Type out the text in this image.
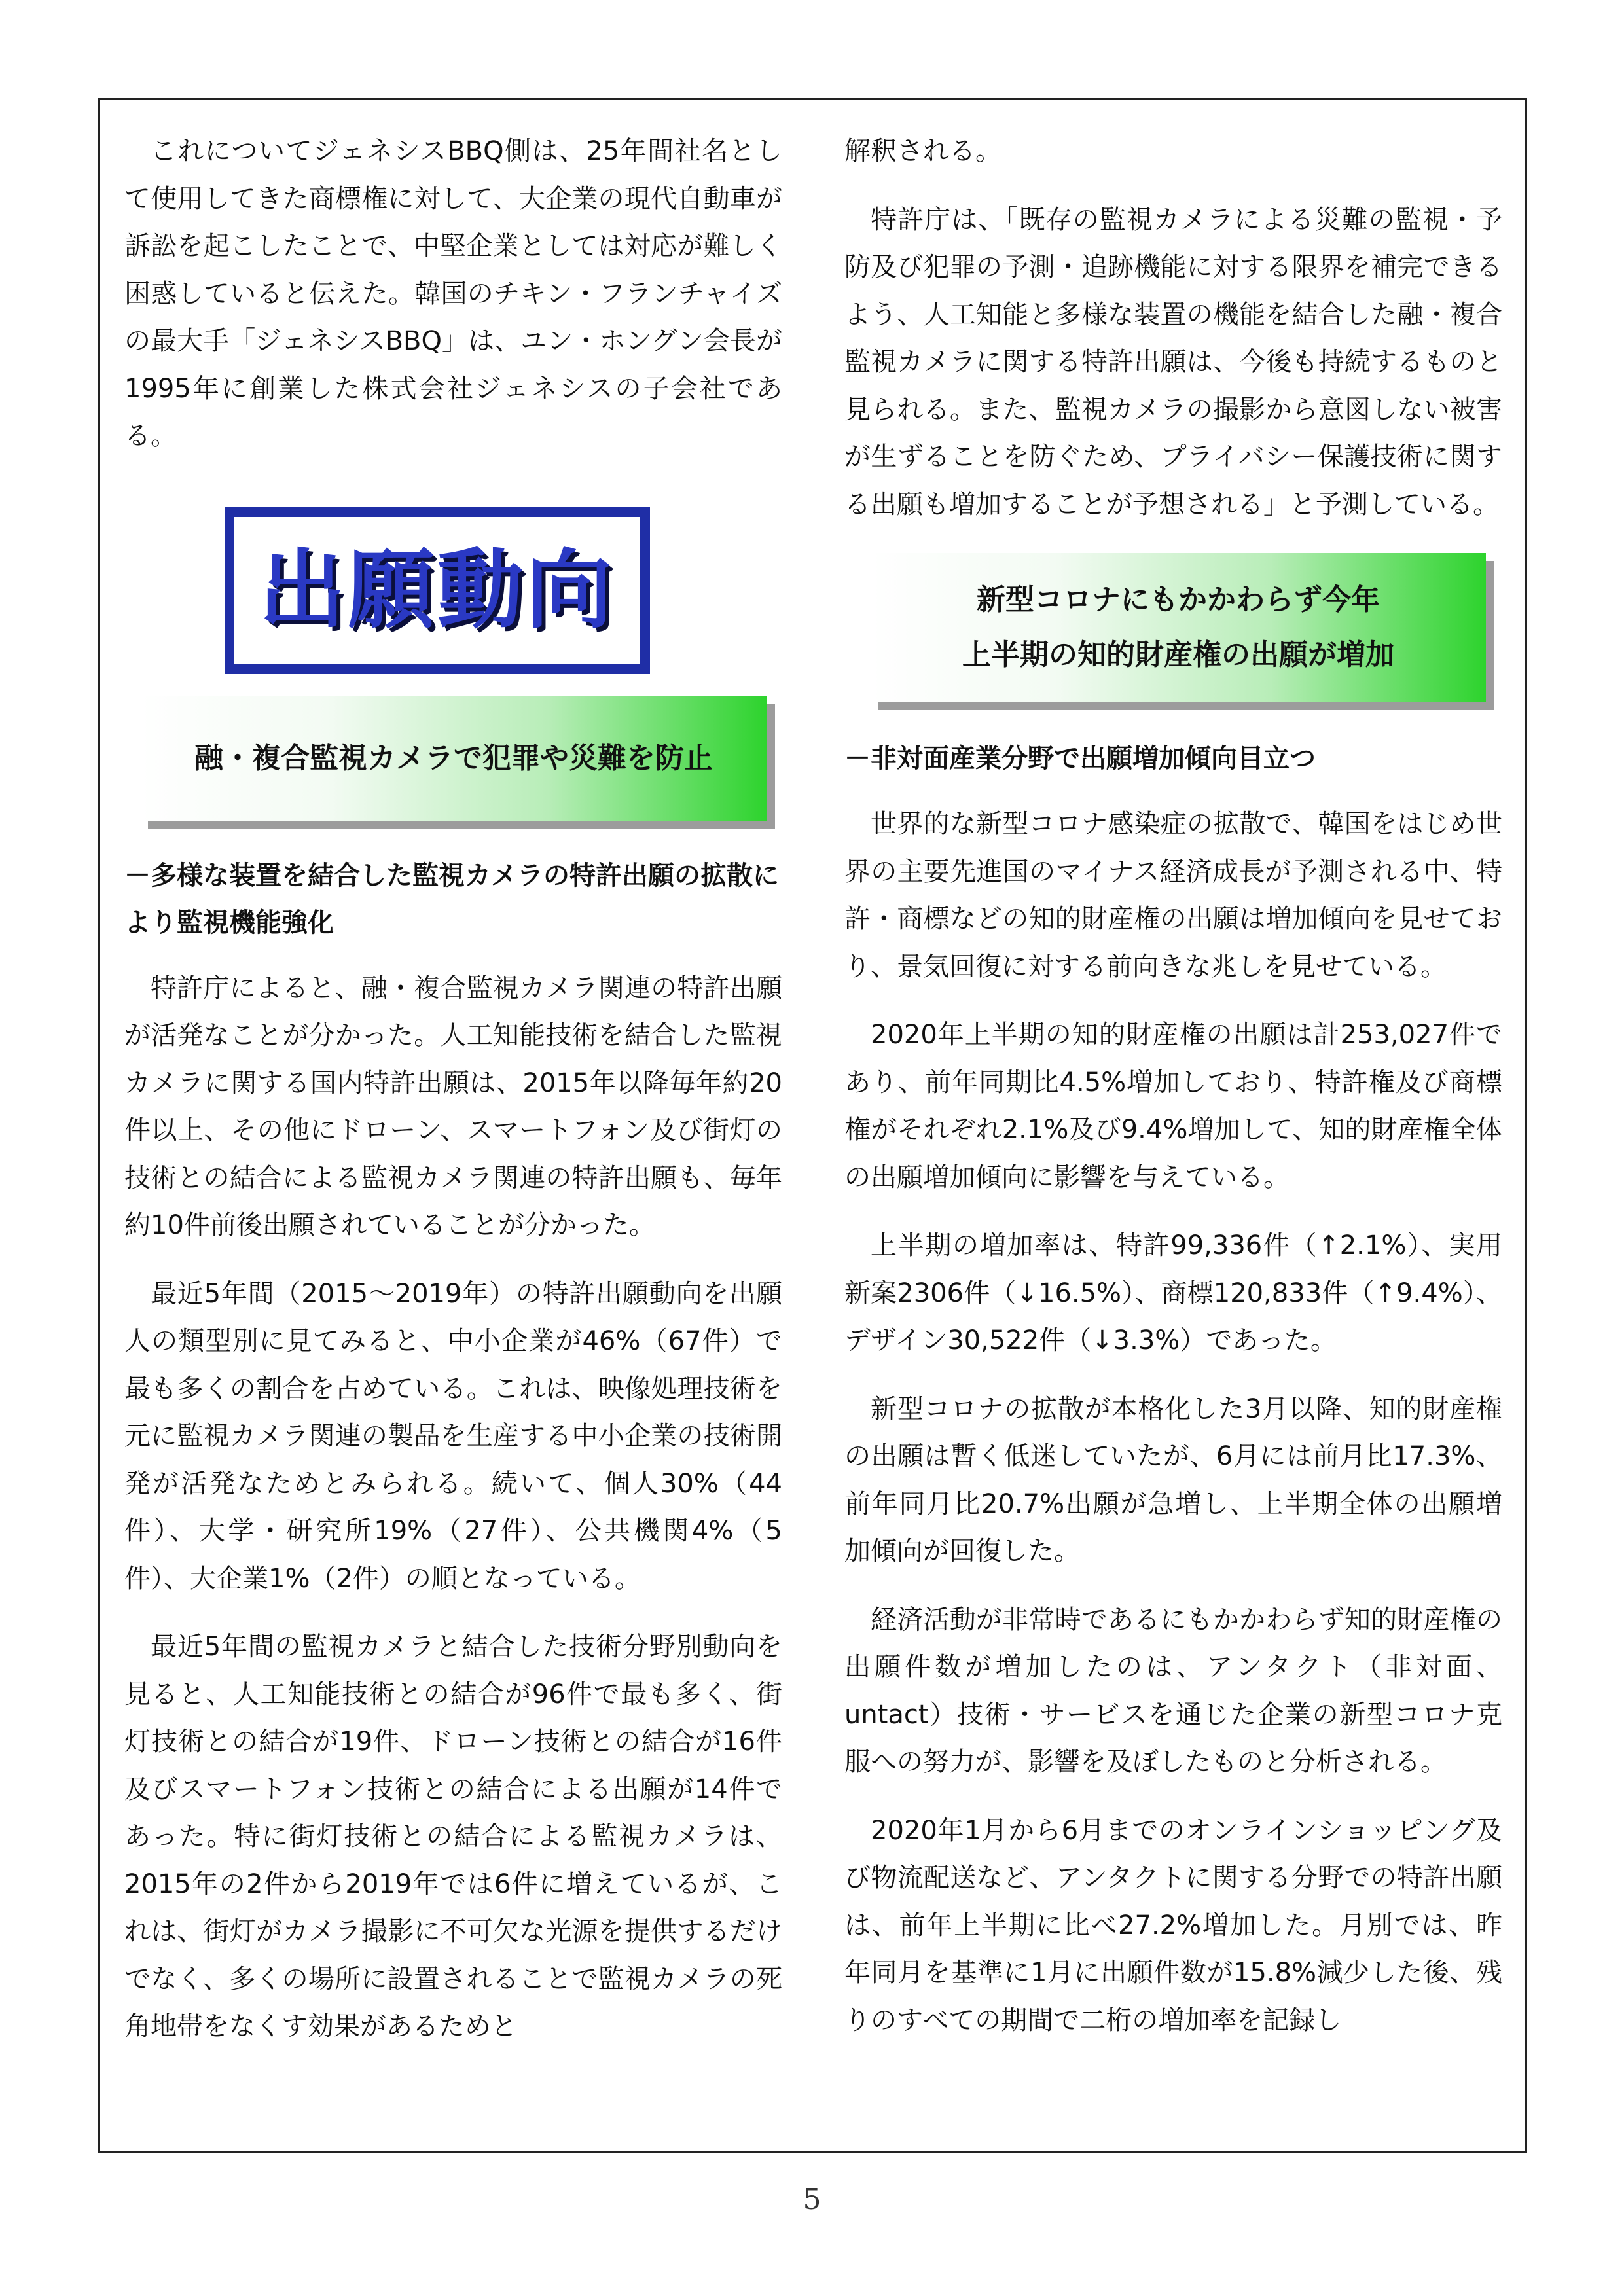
これについてジェネシスBBQ側は、25年間社名として使用してきた商標権に対して、大企業の現代自動車が訴訟を起こしたことで、中堅企業としては対応が難しく困惑していると伝えた。韓国のチキン・フランチャイズの最大手「ジェネシスBBQ」は、ユン・ホングン会長が1995年に創業した株式会社ジェネシスの子会社である。

出願動向
融・複合監視カメラで犯罪や災難を防止
－多様な装置を結合した監視カメラの特許出願の拡散により監視機能強化

特許庁によると、融・複合監視カメラ関連の特許出願が活発なことが分かった。人工知能技術を結合した監視カメラに関する国内特許出願は、2015年以降毎年約20件以上、その他にドローン、スマートフォン及び街灯の技術との結合による監視カメラ関連の特許出願も、毎年約10件前後出願されていることが分かった。

最近5年間（2015～2019年）の特許出願動向を出願人の類型別に見てみると、中小企業が46%（67件）で最も多くの割合を占めている。これは、映像処理技術を元に監視カメラ関連の製品を生産する中小企業の技術開発が活発なためとみられる。続いて、個人30%（44件）、大学・研究所19%（27件）、公共機関4%（5件）、大企業1%（2件）の順となっている。

最近5年間の監視カメラと結合した技術分野別動向を見ると、人工知能技術との結合が96件で最も多く、街灯技術との結合が19件、ドローン技術との結合が16件及びスマートフォン技術との結合による出願が14件であった。特に街灯技術との結合による監視カメラは、2015年の2件から2019年では6件に増えているが、これは、街灯がカメラ撮影に不可欠な光源を提供するだけでなく、多くの場所に設置されることで監視カメラの死角地帯をなくす効果があるためと

解釈される。

特許庁は、「既存の監視カメラによる災難の監視・予防及び犯罪の予測・追跡機能に対する限界を補完できるよう、人工知能と多様な装置の機能を結合した融・複合監視カメラに関する特許出願は、今後も持続するものと見られる。また、監視カメラの撮影から意図しない被害が生ずることを防ぐため、プライバシー保護技術に関する出願も増加することが予想される」と予測している。

新型コロナにもかかわらず今年
上半期の知的財産権の出願が増加
－非対面産業分野で出願増加傾向目立つ

世界的な新型コロナ感染症の拡散で、韓国をはじめ世界の主要先進国のマイナス経済成長が予測される中、特許・商標などの知的財産権の出願は増加傾向を見せており、景気回復に対する前向きな兆しを見せている。

2020年上半期の知的財産権の出願は計253,027件であり、前年同期比4.5%増加しており、特許権及び商標権がそれぞれ2.1%及び9.4%増加して、知的財産権全体の出願増加傾向に影響を与えている。

上半期の増加率は、特許99,336件（↑2.1%）、実用新案2306件（↓16.5%）、商標120,833件（↑9.4%）、デザイン30,522件（↓3.3%）であった。

新型コロナの拡散が本格化した3月以降、知的財産権の出願は暫く低迷していたが、6月には前月比17.3%、前年同月比20.7%出願が急増し、上半期全体の出願増加傾向が回復した。

経済活動が非常時であるにもかかわらず知的財産権の出願件数が増加したのは、アンタクト（非対面、untact）技術・サービスを通じた企業の新型コロナ克服への努力が、影響を及ぼしたものと分析される。

2020年1月から6月までのオンラインショッピング及び物流配送など、アンタクトに関する分野での特許出願は、前年上半期に比べ27.2%増加した。月別では、昨年同月を基準に1月に出願件数が15.8%減少した後、残りのすべての期間で二桁の増加率を記録し

5
